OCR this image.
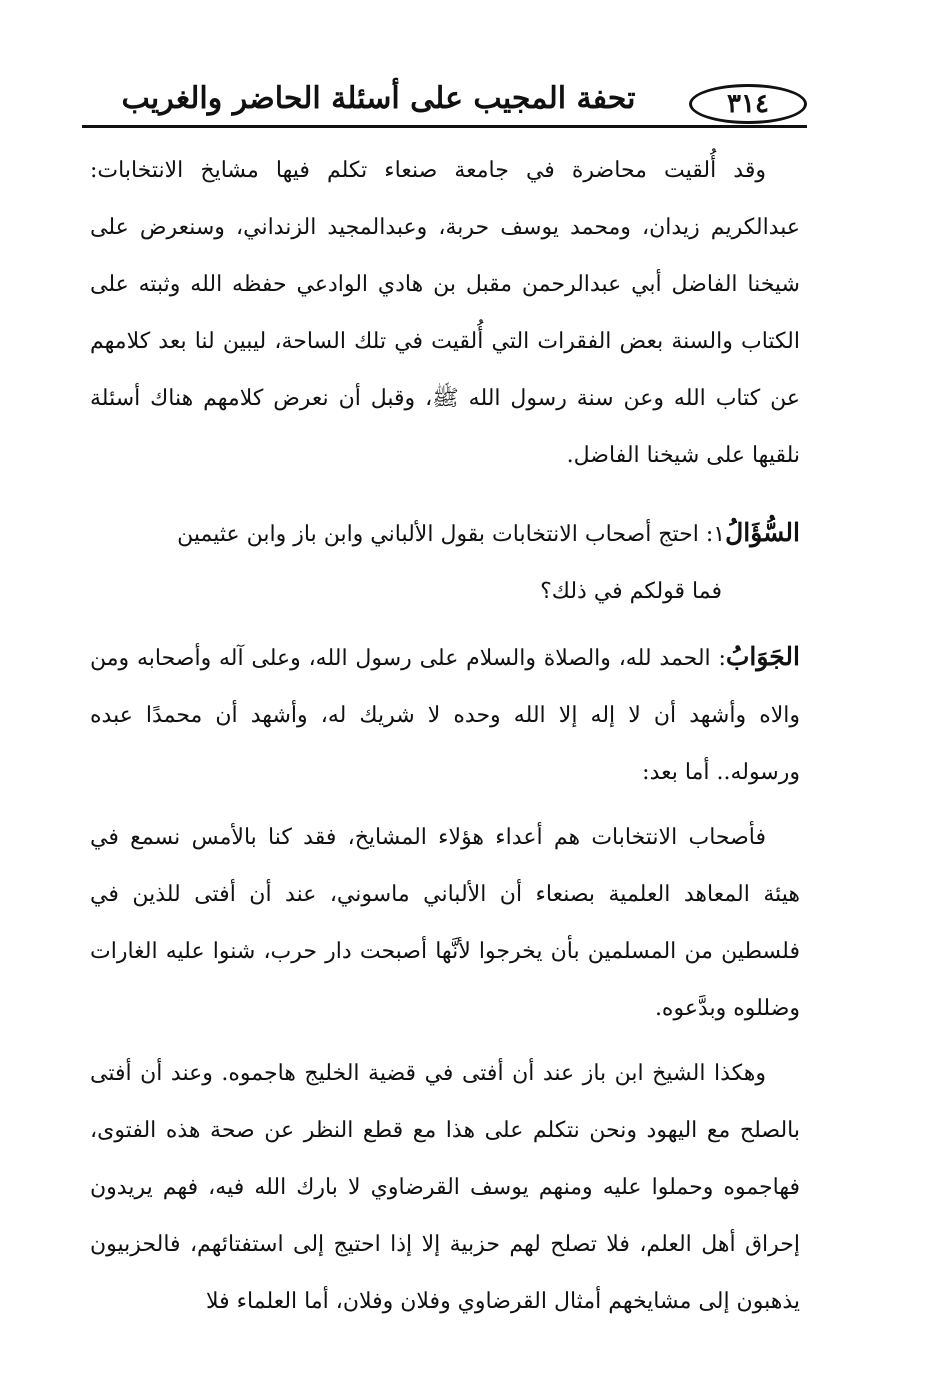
تحفة المجيب على أسئلة الحاضر والغريب	٣١٤

وقد أُلقيت محاضرة في جامعة صنعاء تكلم فيها مشايخ الانتخابات: عبدالكريم زيدان، ومحمد يوسف حربة، وعبدالمجيد الزنداني، وسنعرض على شيخنا الفاضل أبي عبدالرحمن مقبل بن هادي الوادعي حفظه الله وثبته على الكتاب والسنة بعض الفقرات التي أُلقيت في تلك الساحة، ليبين لنا بعد كلامهم عن كتاب الله وعن سنة رسول الله ﷺ، وقبل أن نعرض كلامهم هناك أسئلة نلقيها على شيخنا الفاضل.

السُّؤَالُ١: احتج أصحاب الانتخابات بقول الألباني وابن باز وابن عثيمين

فما قولكم في ذلك؟

الجَوَابُ: الحمد لله، والصلاة والسلام على رسول الله، وعلى آله وأصحابه ومن والاه وأشهد أن لا إله إلا الله وحده لا شريك له، وأشهد أن محمدًا عبده ورسوله.. أما بعد:

فأصحاب الانتخابات هم أعداء هؤلاء المشايخ، فقد كنا بالأمس نسمع في هيئة المعاهد العلمية بصنعاء أن الألباني ماسوني، عند أن أفتى للذين في فلسطين من المسلمين بأن يخرجوا لأنَّها أصبحت دار حرب، شنوا عليه الغارات وضللوه وبدَّعوه.

وهكذا الشيخ ابن باز عند أن أفتى في قضية الخليج هاجموه. وعند أن أفتى بالصلح مع اليهود ونحن نتكلم على هذا مع قطع النظر عن صحة هذه الفتوى، فهاجموه وحملوا عليه ومنهم يوسف القرضاوي لا بارك الله فيه، فهم يريدون إحراق أهل العلم، فلا تصلح لهم حزبية إلا إذا احتيج إلى استفتائهم، فالحزبيون يذهبون إلى مشايخهم أمثال القرضاوي وفلان وفلان، أما العلماء فلا
